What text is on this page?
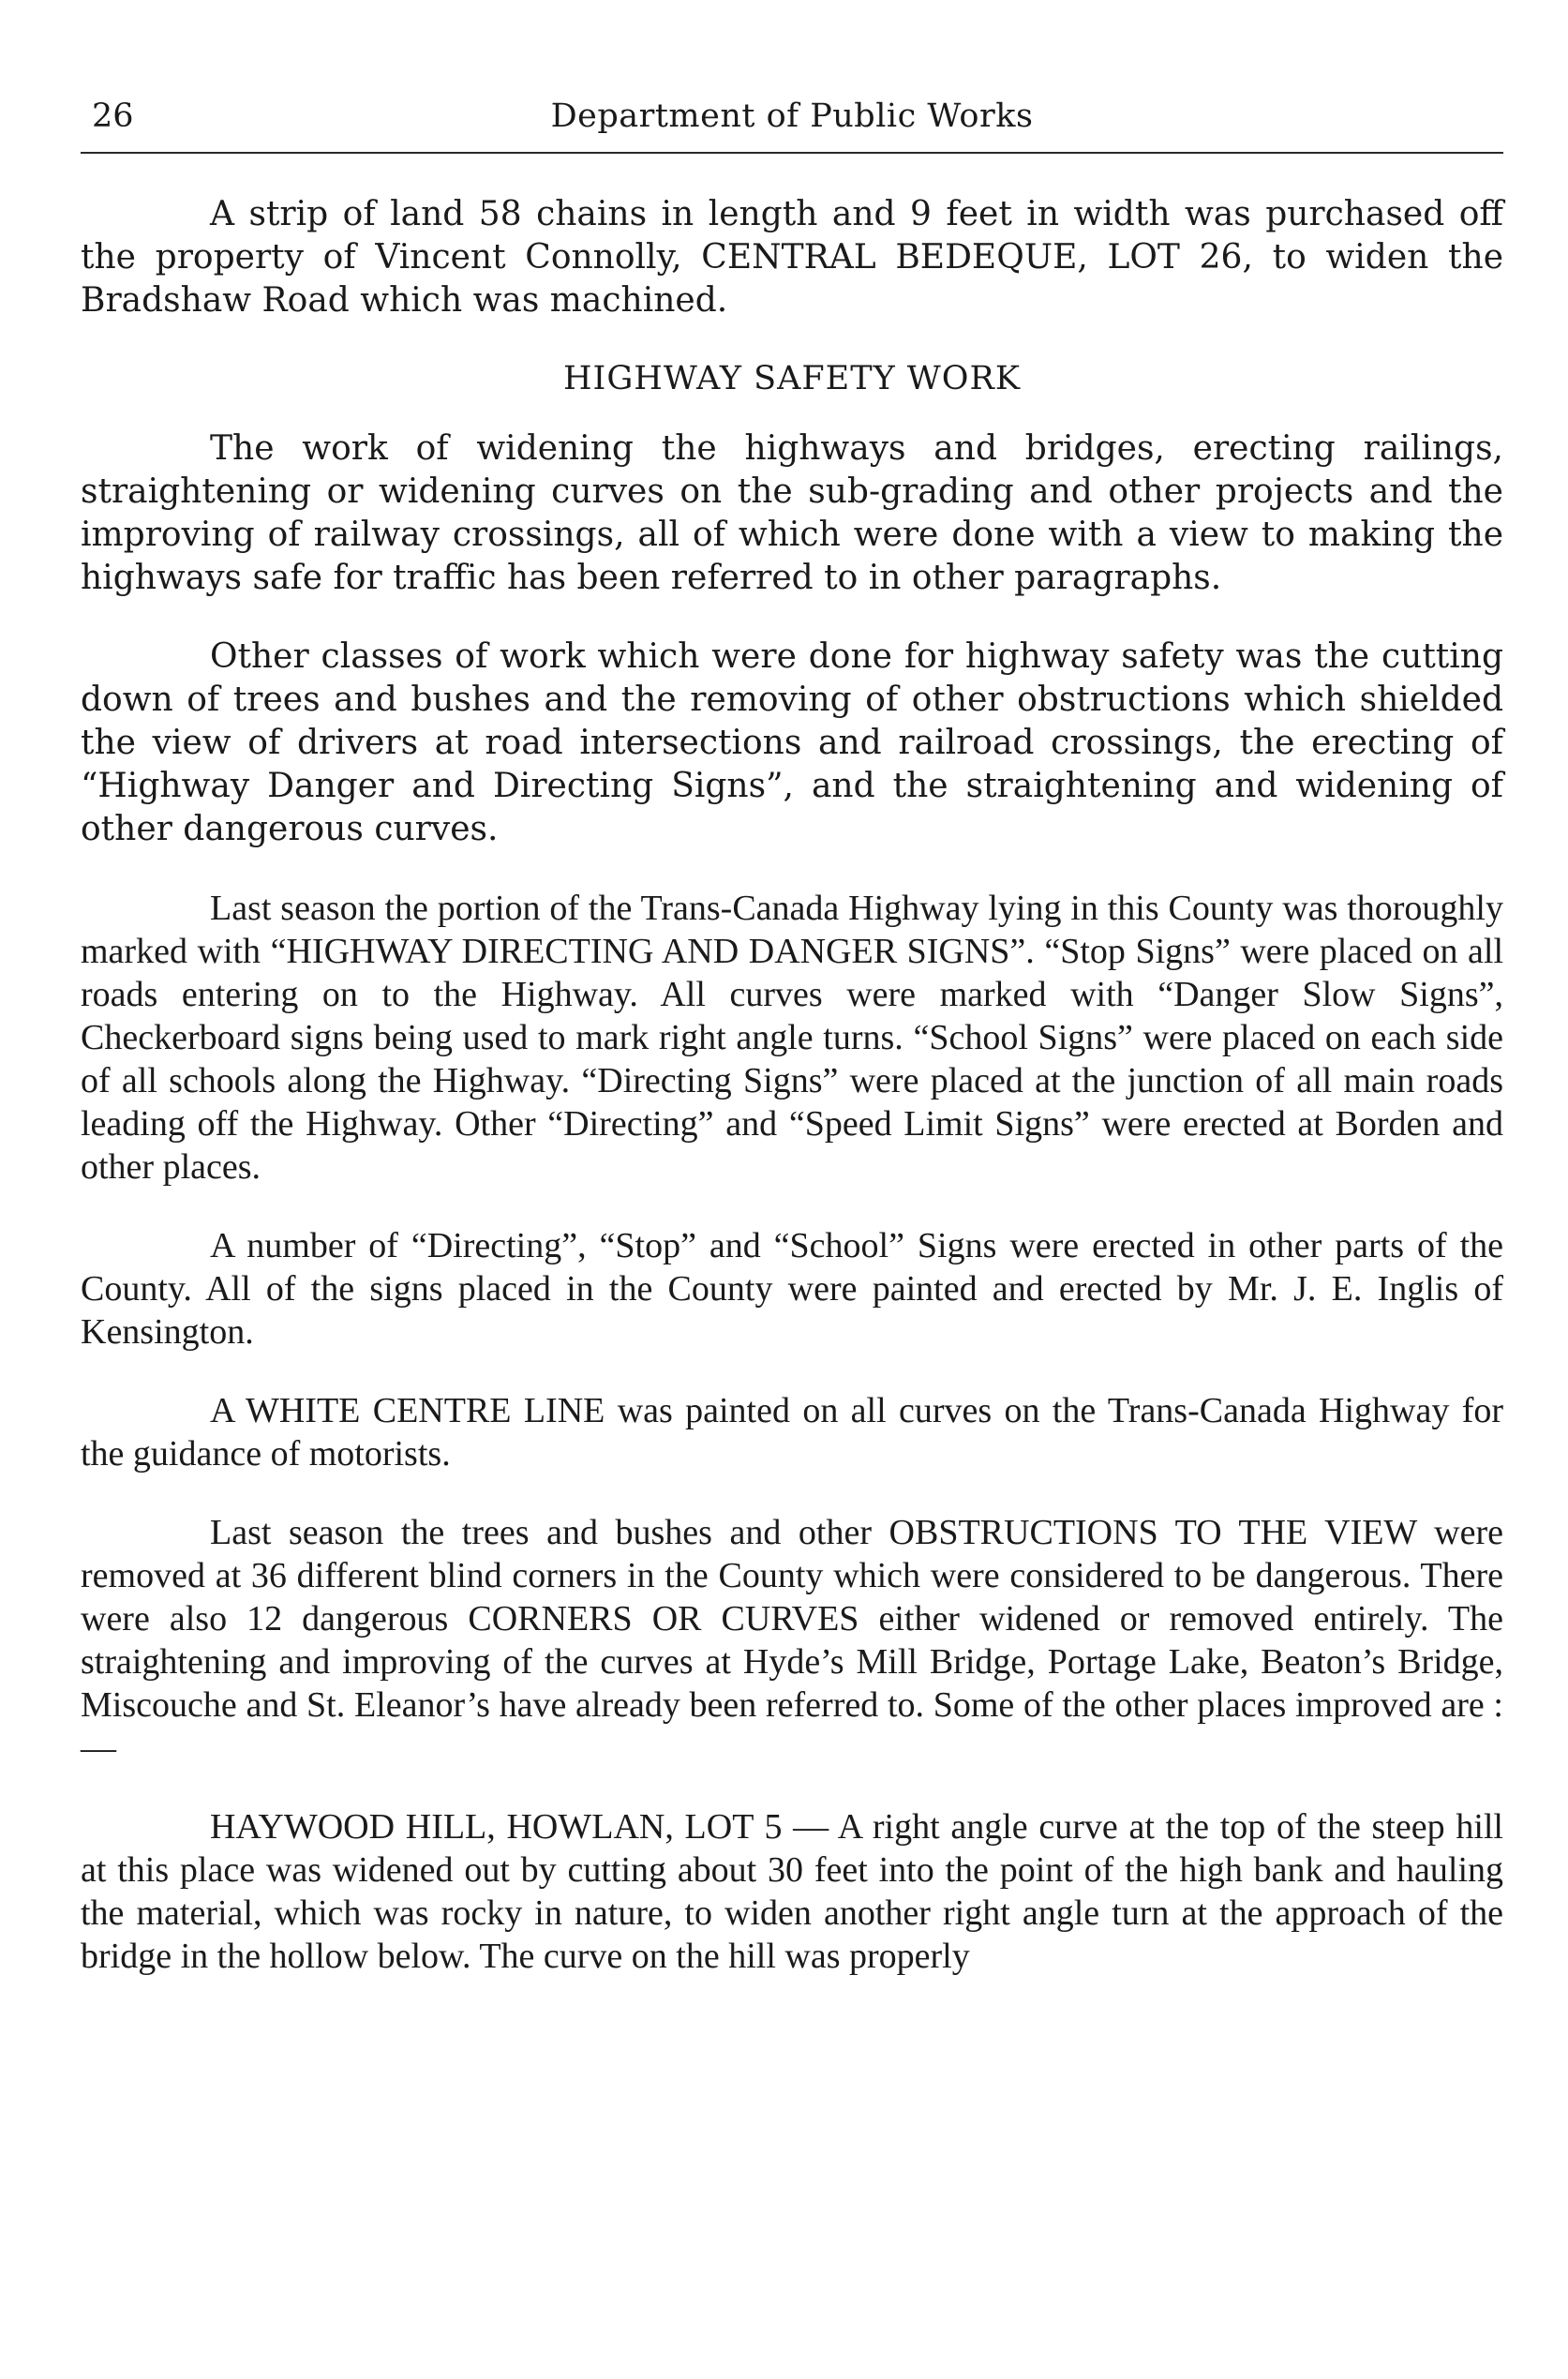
26	Department of Public Works

A strip of land 58 chains in length and 9 feet in width was purchased off the property of Vincent Connolly, CENTRAL BEDEQUE, LOT 26, to widen the Bradshaw Road which was machined.

HIGHWAY SAFETY WORK

The work of widening the highways and bridges, erecting railings, straightening or widening curves on the sub-grading and other projects and the improving of railway crossings, all of which were done with a view to making the highways safe for traffic has been referred to in other paragraphs.

Other classes of work which were done for highway safety was the cutting down of trees and bushes and the removing of other obstructions which shielded the view of drivers at road intersections and railroad crossings, the erecting of “Highway Danger and Directing Signs”, and the straightening and widening of other dangerous curves.

Last season the portion of the Trans-Canada Highway lying in this County was thoroughly marked with “HIGHWAY DIRECTING AND DANGER SIGNS”. “Stop Signs” were placed on all roads entering on to the Highway. All curves were marked with “Danger Slow Signs”, Checkerboard signs being used to mark right angle turns. “School Signs” were placed on each side of all schools along the Highway. “Directing Signs” were placed at the junction of all main roads leading off the Highway. Other “Directing” and “Speed Limit Signs” were erected at Borden and other places.

A number of “Directing”, “Stop” and “School” Signs were erected in other parts of the County. All of the signs placed in the County were painted and erected by Mr. J. E. Inglis of Kensington.

A WHITE CENTRE LINE was painted on all curves on the Trans-Canada Highway for the guidance of motorists.

Last season the trees and bushes and other OBSTRUCTIONS TO THE VIEW were removed at 36 different blind corners in the County which were considered to be dangerous. There were also 12 dangerous CORNERS OR CURVES either widened or removed entirely. The straightening and improving of the curves at Hyde’s Mill Bridge, Portage Lake, Beaton’s Bridge, Miscouche and St. Eleanor’s have already been referred to. Some of the other places improved are : —

HAYWOOD HILL, HOWLAN, LOT 5 — A right angle curve at the top of the steep hill at this place was widened out by cutting about 30 feet into the point of the high bank and hauling the material, which was rocky in nature, to widen another right angle turn at the approach of the bridge in the hollow below. The curve on the hill was properly
